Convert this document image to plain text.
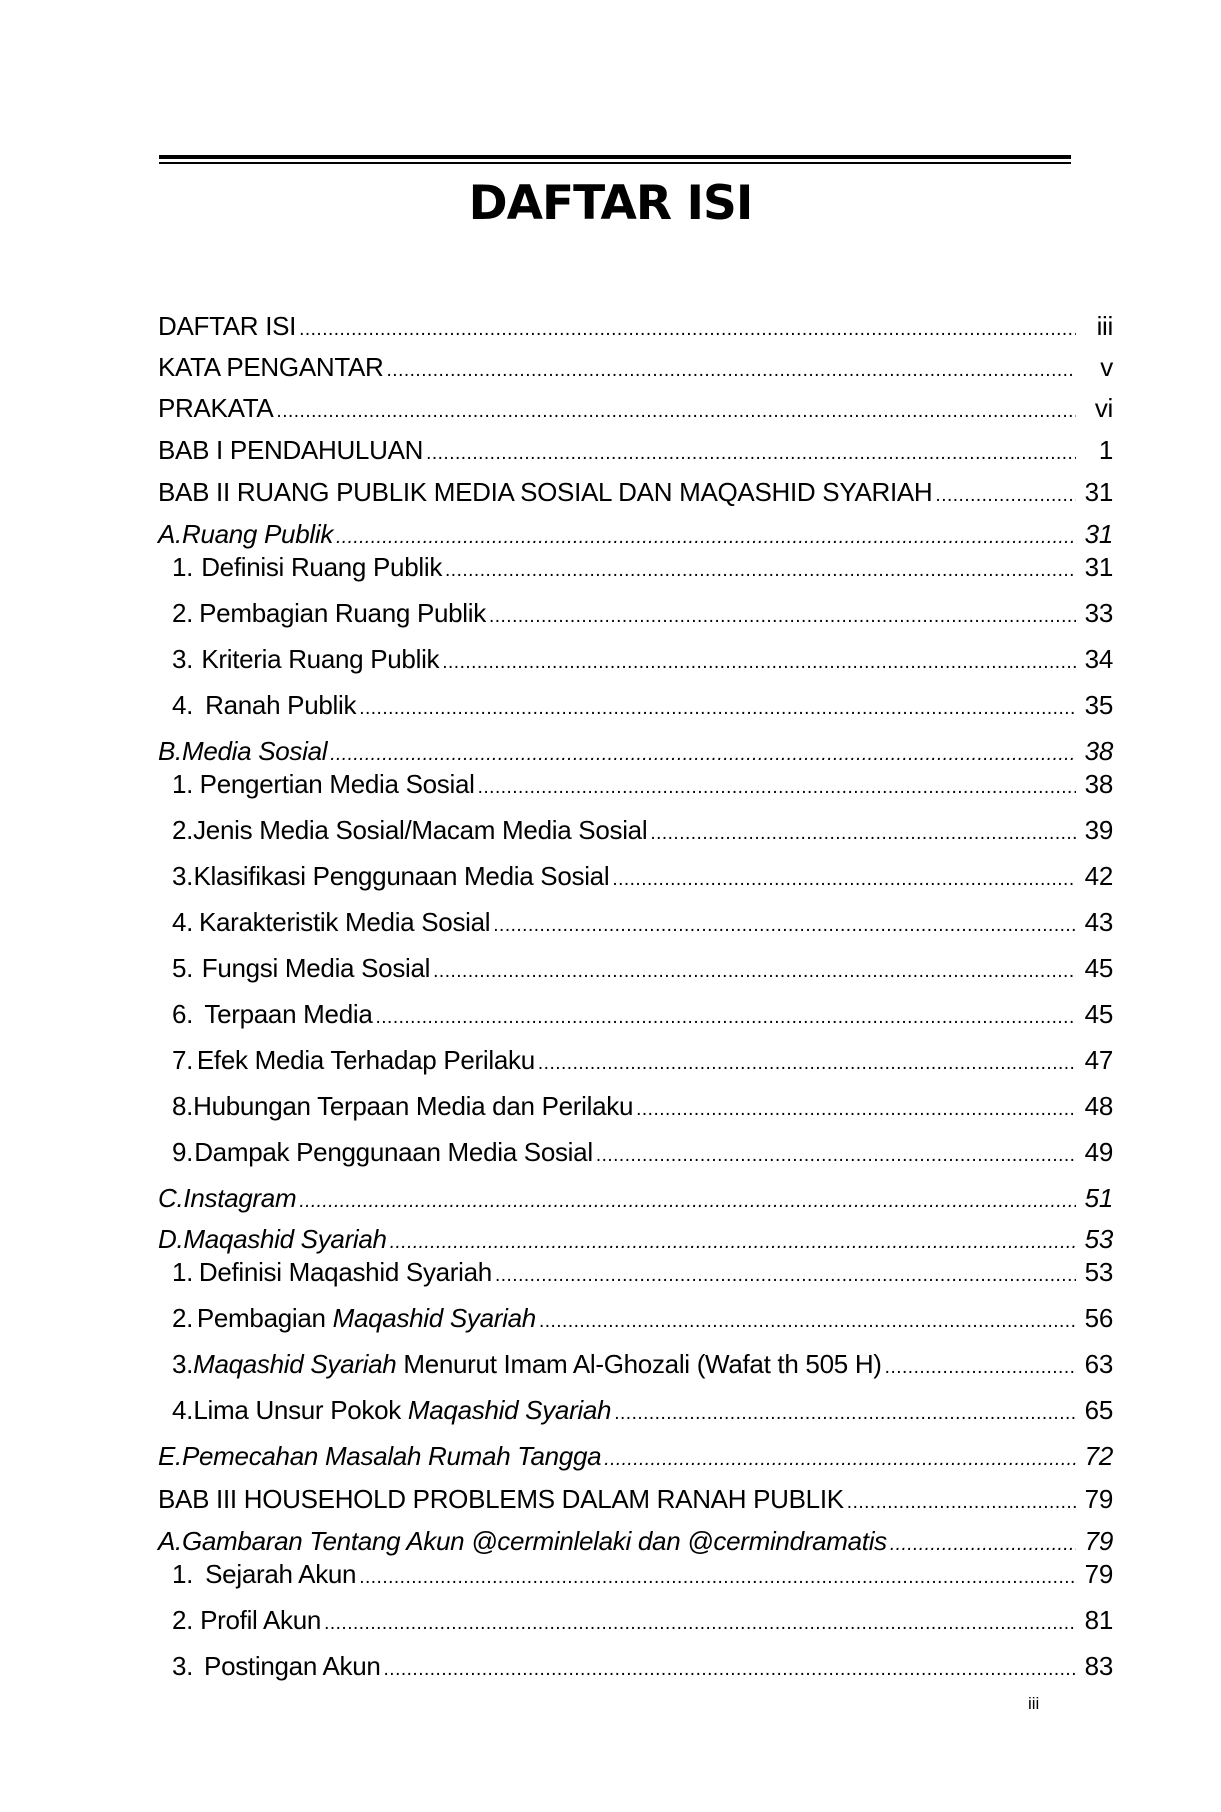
DAFTAR ISI
DAFTAR ISI .....	iii
KATA PENGANTAR .....	v
PRAKATA .....	vi
BAB I PENDAHULUAN .....	1
BAB II RUANG PUBLIK MEDIA SOSIAL DAN MAQASHID SYARIAH .....	31
A. Ruang Publik .....	31
1. Definisi Ruang Publik .....	31
2. Pembagian Ruang Publik .....	33
3. Kriteria Ruang Publik .....	34
4. Ranah Publik .....	35
B. Media Sosial .....	38
1. Pengertian Media Sosial .....	38
2. Jenis Media Sosial/Macam Media Sosial .....	39
3. Klasifikasi Penggunaan Media Sosial .....	42
4. Karakteristik Media Sosial .....	43
5. Fungsi Media Sosial .....	45
6. Terpaan Media .....	45
7. Efek Media Terhadap Perilaku .....	47
8. Hubungan Terpaan Media dan Perilaku .....	48
9. Dampak Penggunaan Media Sosial .....	49
C. Instagram .....	51
D. Maqashid Syariah .....	53
1. Definisi Maqashid Syariah .....	53
2. Pembagian Maqashid Syariah .....	56
3. Maqashid Syariah Menurut Imam Al-Ghozali (Wafat th 505 H) .....	63
4. Lima Unsur Pokok Maqashid Syariah .....	65
E. Pemecahan Masalah Rumah Tangga .....	72
BAB III HOUSEHOLD PROBLEMS DALAM RANAH PUBLIK .....	79
A. Gambaran Tentang Akun @cerminlelaki dan @cermindramatis .....	79
1. Sejarah Akun .....	79
2. Profil Akun .....	81
3. Postingan Akun .....	83
iii
